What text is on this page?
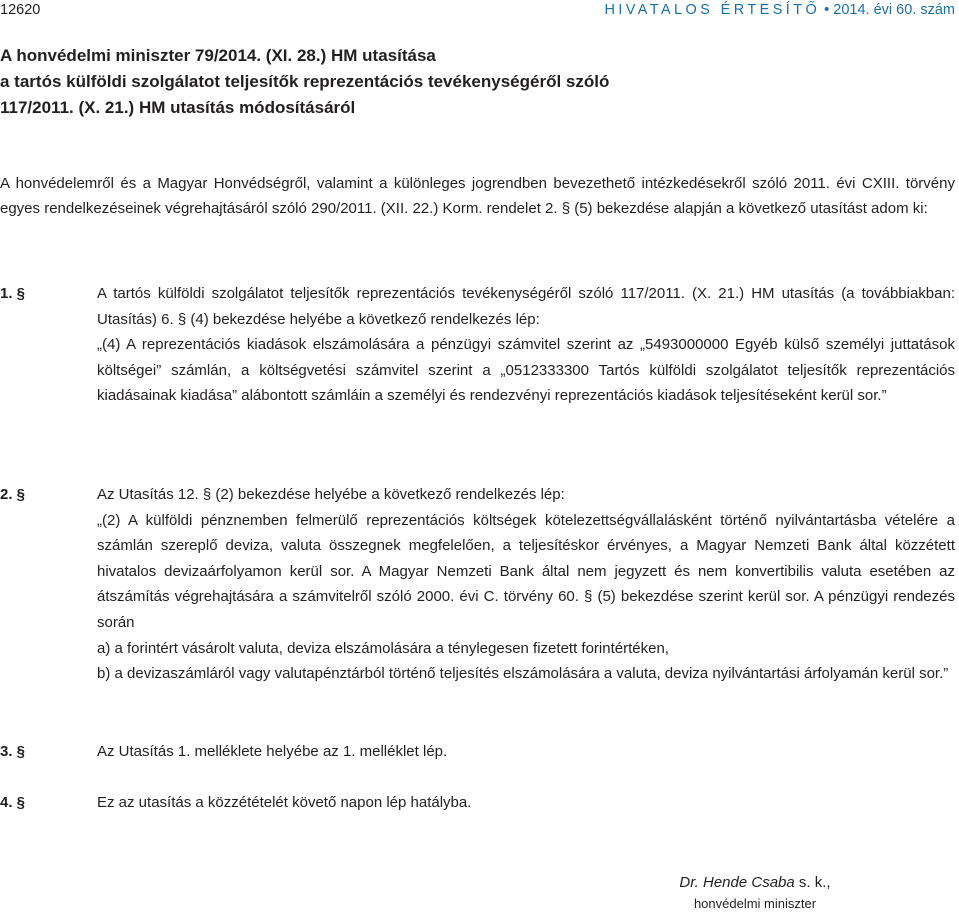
12620	HIVATALOS ÉRTESÍTŐ • 2014. évi 60. szám
A honvédelmi miniszter 79/2014. (XI. 28.) HM utasítása
a tartós külföldi szolgálatot teljesítők reprezentációs tevékenységéről szóló
117/2011. (X. 21.) HM utasítás módosításáról
A honvédelemről és a Magyar Honvédségről, valamint a különleges jogrendben bevezethető intézkedésekről szóló 2011. évi CXIII. törvény egyes rendelkezéseinek végrehajtásáról szóló 290/2011. (XII. 22.) Korm. rendelet 2. § (5) bekezdése alapján a következő utasítást adom ki:
1. §	A tartós külföldi szolgálatot teljesítők reprezentációs tevékenységéről szóló 117/2011. (X. 21.) HM utasítás (a továbbiakban: Utasítás) 6. § (4) bekezdése helyébe a következő rendelkezés lép:

„(4) A reprezentációs kiadások elszámolására a pénzügyi számvitel szerint az „5493000000 Egyéb külső személyi juttatások költségei” számlán, a költségvetési számvitel szerint a „0512333300 Tartós külföldi szolgálatot teljesítők reprezentációs kiadásainak kiadása” alábontott számláin a személyi és rendezvényi reprezentációs kiadások teljesítéseként kerül sor.”

2. §	Az Utasítás 12. § (2) bekezdése helyébe a következő rendelkezés lép:

„(2) A külföldi pénznemben felmerülő reprezentációs költségek kötelezettségvállalásként történő nyilvántartásba vételére a számlán szereplő deviza, valuta összegnek megfelelően, a teljesítéskor érvényes, a Magyar Nemzeti Bank által közzétett hivatalos devizaárfolyamon kerül sor. A Magyar Nemzeti Bank által nem jegyzett és nem konvertibilis valuta esetében az átszámítás végrehajtására a számvitelről szóló 2000. évi C. törvény 60. § (5) bekezdése szerint kerül sor. A pénzügyi rendezés során

a) a forintért vásárolt valuta, deviza elszámolására a ténylegesen fizetett forintértéken,

b) a devizaszámláról vagy valutapénztárból történő teljesítés elszámolására a valuta, deviza nyilvántartási árfolyamán kerül sor.”

3. §	Az Utasítás 1. melléklete helyébe az 1. melléklet lép.

4. §	Ez az utasítás a közzétételét követő napon lép hatályba.

Dr. Hende Csaba s. k.,
honvédelmi miniszter
